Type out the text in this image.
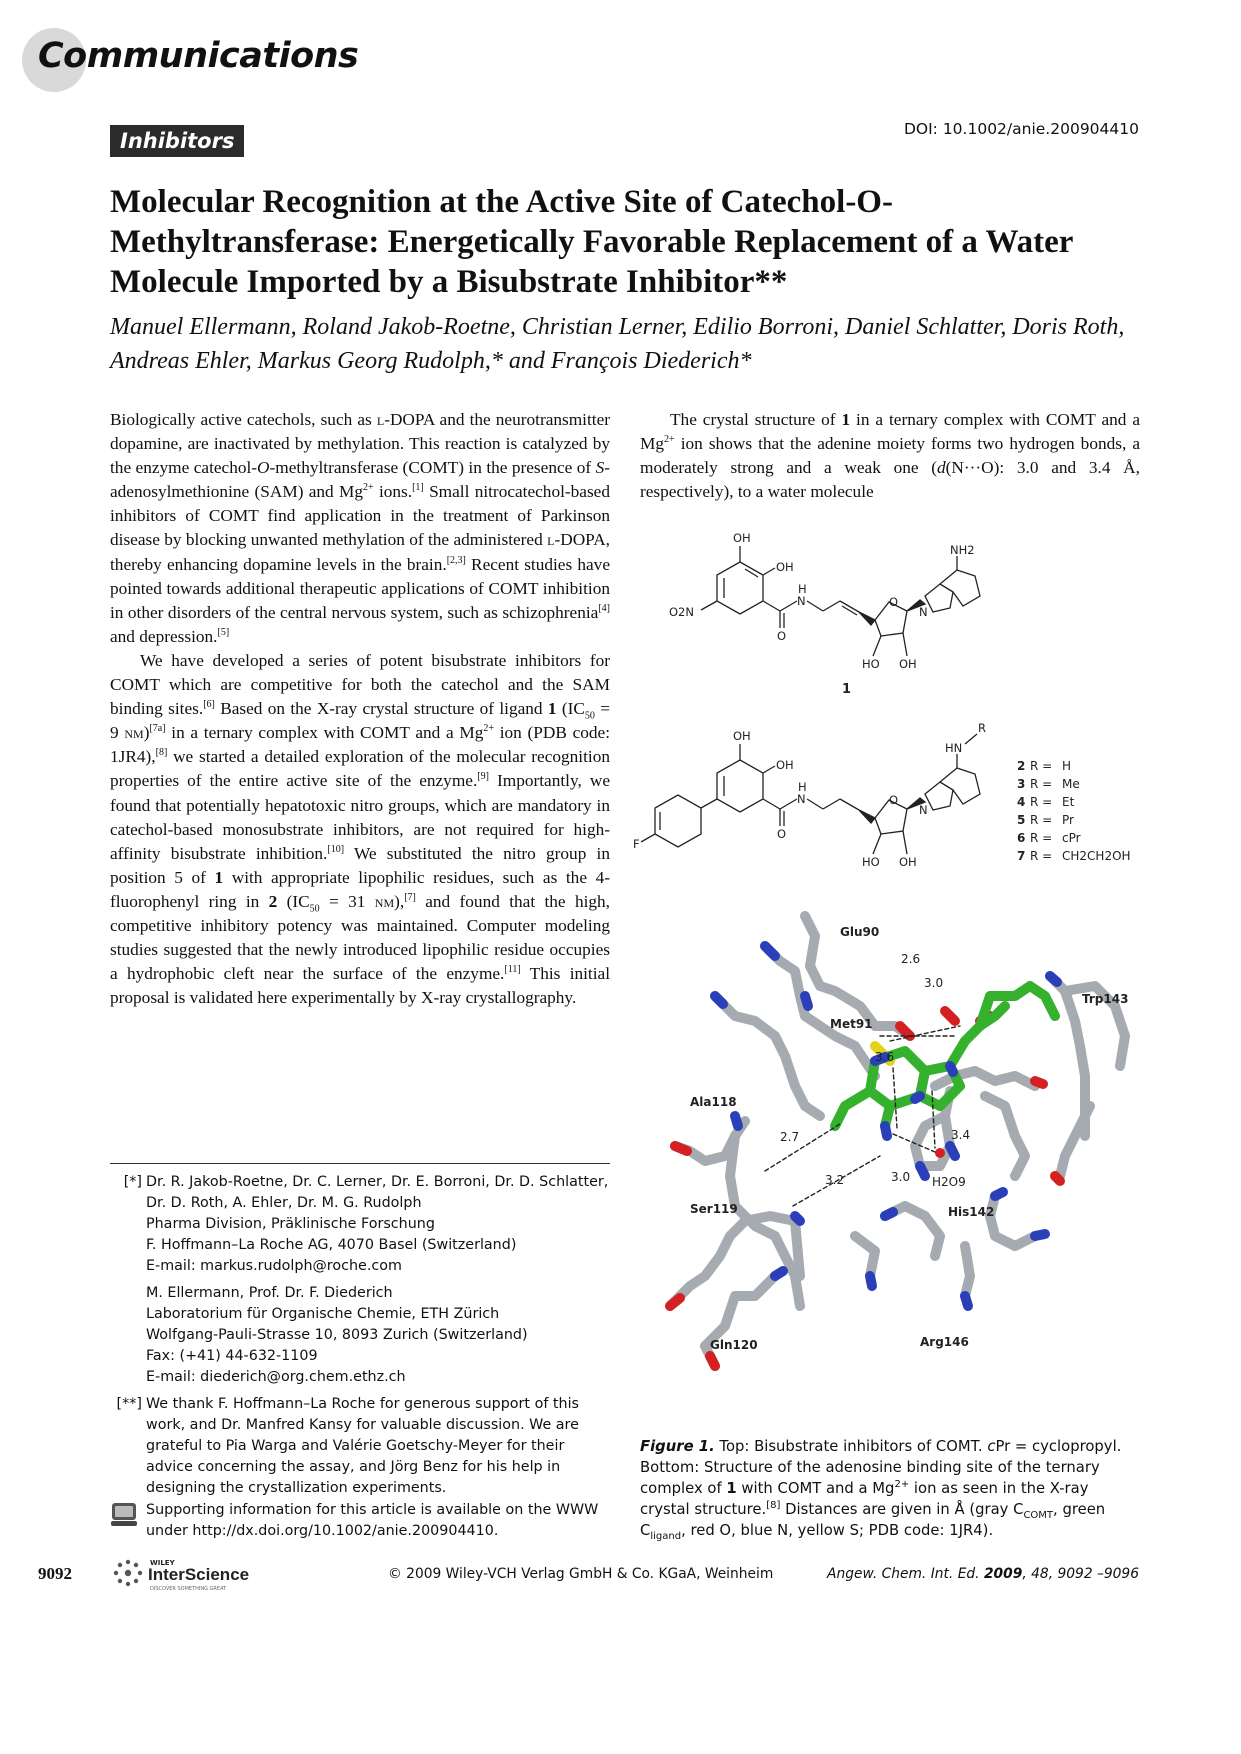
Communications
Inhibitors	DOI: 10.1002/anie.200904410
Molecular Recognition at the Active Site of Catechol-O-Methyltransferase: Energetically Favorable Replacement of a Water Molecule Imported by a Bisubstrate Inhibitor**
Manuel Ellermann, Roland Jakob-Roetne, Christian Lerner, Edilio Borroni, Daniel Schlatter, Doris Roth, Andreas Ehler, Markus Georg Rudolph,* and François Diederich*

Biologically active catechols, such as l-DOPA and the neurotransmitter dopamine, are inactivated by methylation. This reaction is catalyzed by the enzyme catechol-O-methyltransferase (COMT) in the presence of S-adenosylmethionine (SAM) and $Mg^{2+}$ ions.[1] Small nitrocatechol-based inhibitors of COMT find application in the treatment of Parkinson disease by blocking unwanted methylation of the administered l-DOPA, thereby enhancing dopamine levels in the brain.[2,3] Recent studies have pointed towards additional therapeutic applications of COMT inhibition in other disorders of the central nervous system, such as schizophrenia[4] and depression.[5]

We have developed a series of potent bisubstrate inhibitors for COMT which are competitive for both the catechol and the SAM binding sites.[6] Based on the X-ray crystal structure of ligand 1 ($IC_{50} = 9$ nm)[7a] in a ternary complex with COMT and a $Mg^{2+}$ ion (PDB code: 1JR4),[8] we started a detailed exploration of the molecular recognition properties of the entire active site of the enzyme.[9] Importantly, we found that potentially hepatotoxic nitro groups, which are mandatory in catechol-based monosubstrate inhibitors, are not required for high-affinity bisubstrate inhibition.[10] We substituted the nitro group in position 5 of 1 with appropriate lipophilic residues, such as the 4-fluorophenyl ring in 2 ($IC_{50} = 31$ nm),[7] and found that the high, competitive inhibitory potency was maintained. Computer modeling studies suggested that the newly introduced lipophilic residue occupies a hydrophobic cleft near the surface of the enzyme.[11] This initial proposal is validated here experimentally by X-ray crystallography.

The crystal structure of 1 in a ternary complex with COMT and a $Mg^{2+}$ ion shows that the adenine moiety forms two hydrogen bonds, a moderately strong and a weak one (d(N···O): 3.0 and 3.4 Å, respectively), to a water molecule

[*] Dr. R. Jakob-Roetne, Dr. C. Lerner, Dr. E. Borroni, Dr. D. Schlatter,
Dr. D. Roth, A. Ehler, Dr. M. G. Rudolph
Pharma Division, Präklinische Forschung
F. Hoffmann–La Roche AG, 4070 Basel (Switzerland)
E-mail: markus.rudolph@roche.com
M. Ellermann, Prof. Dr. F. Diederich
Laboratorium für Organische Chemie, ETH Zürich
Wolfgang-Pauli-Strasse 10, 8093 Zurich (Switzerland)
Fax: (+41) 44-632-1109
E-mail: diederich@org.chem.ethz.ch
[**] We thank F. Hoffmann–La Roche for generous support of this work, and Dr. Manfred Kansy for valuable discussion. We are grateful to Pia Warga and Valérie Goetschy-Meyer for their advice concerning the assay, and Jörg Benz for his help in designing the crystallization experiments.
Supporting information for this article is available on the WWW under http://dx.doi.org/10.1002/anie.200904410.
OH
OH
O2N
H
N
O
O
NH2
HO OH
N
1
OH
OH
F
H
N
O
O
HN
R
HO OH
N
2 R = H
3 R = Me
4 R = Et
5 R = Pr
6 R = cPr
7 R = CH2CH2OH
Glu90
Met91
Trp143
Ala118
Ser119	His142
Gln120	Arg146
H2O9
2.6
3.0
3.6
2.7	3.4
3.2	3.0
Figure 1. Top: Bisubstrate inhibitors of COMT. cPr = cyclopropyl. Bottom: Structure of the adenosine binding site of the ternary complex of 1 with COMT and a $Mg^{2+}$ ion as seen in the X-ray crystal structure.[8] Distances are given in Å (gray $C_{COMT}$, green $C_{ligand}$, red O, blue N, yellow S; PDB code: 1JR4).
9092
WILEY
InterScience
DISCOVER SOMETHING GREAT
© 2009 Wiley-VCH Verlag GmbH & Co. KGaA, Weinheim	Angew. Chem. Int. Ed. 2009, 48, 9092 –9096
